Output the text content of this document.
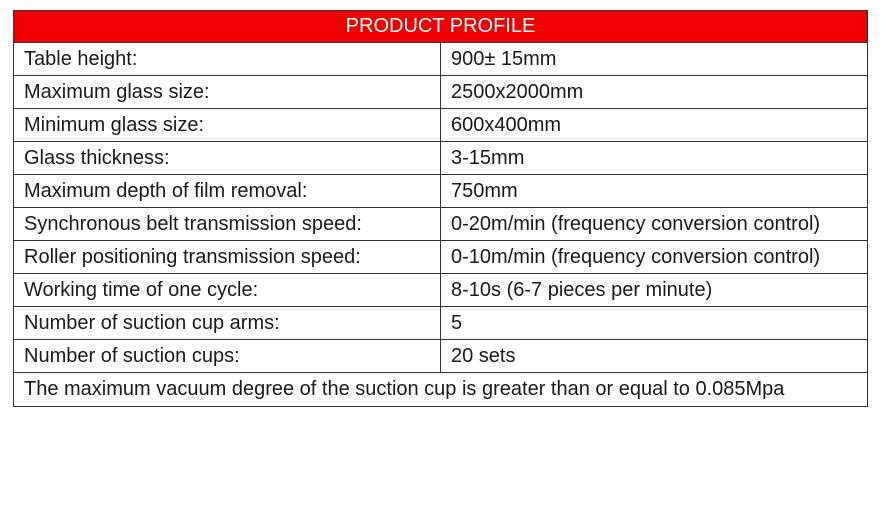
PRODUCT PROFILE	
Table height:	900± 15mm
Maximum glass size:	2500x2000mm
Minimum glass size:	600x400mm
Glass thickness:	3-15mm
Maximum depth of film removal:	750mm
Synchronous belt transmission speed:	0-20m/min (frequency conversion control)
Roller positioning transmission speed:	0-10m/min (frequency conversion control)
Working time of one cycle:	8-10s (6-7 pieces per minute)
Number of suction cup arms:	5
Number of suction cups:	20 sets
The maximum vacuum degree of the suction cup is greater than or equal to 0.085Mpa	
